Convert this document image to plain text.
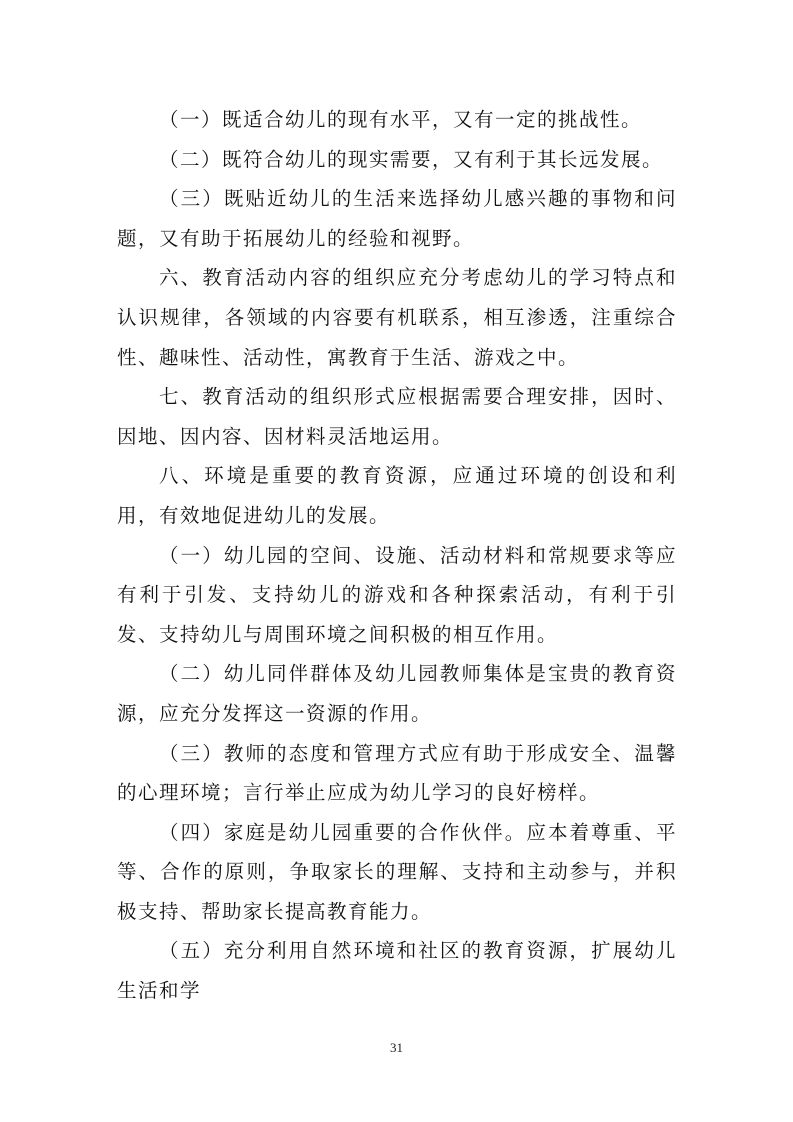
（一）既适合幼儿的现有水平，又有一定的挑战性。

（二）既符合幼儿的现实需要，又有利于其长远发展。

（三）既贴近幼儿的生活来选择幼儿感兴趣的事物和问题，又有助于拓展幼儿的经验和视野。

六、教育活动内容的组织应充分考虑幼儿的学习特点和认识规律，各领域的内容要有机联系，相互渗透，注重综合性、趣味性、活动性，寓教育于生活、游戏之中。

七、教育活动的组织形式应根据需要合理安排，因时、因地、因内容、因材料灵活地运用。

八、环境是重要的教育资源，应通过环境的创设和利用，有效地促进幼儿的发展。

（一）幼儿园的空间、设施、活动材料和常规要求等应有利于引发、支持幼儿的游戏和各种探索活动，有利于引发、支持幼儿与周围环境之间积极的相互作用。

（二）幼儿同伴群体及幼儿园教师集体是宝贵的教育资源，应充分发挥这一资源的作用。

（三）教师的态度和管理方式应有助于形成安全、温馨的心理环境；言行举止应成为幼儿学习的良好榜样。

（四）家庭是幼儿园重要的合作伙伴。应本着尊重、平等、合作的原则，争取家长的理解、支持和主动参与，并积极支持、帮助家长提高教育能力。

（五）充分利用自然环境和社区的教育资源，扩展幼儿生活和学

31
